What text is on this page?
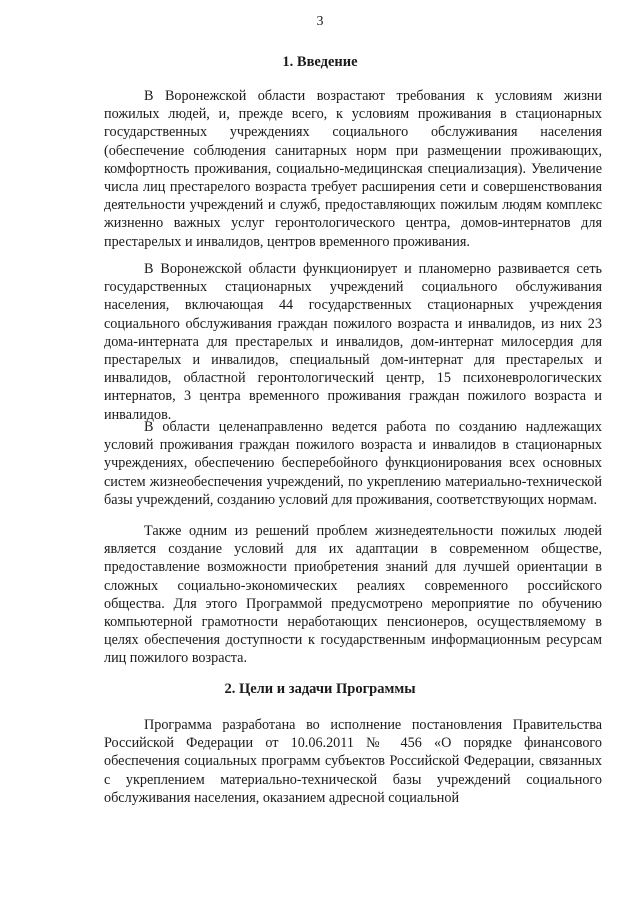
3
1. Введение

В Воронежской области возрастают требования к условиям жизни пожилых людей, и, прежде всего, к условиям проживания в стационарных государственных учреждениях социального обслуживания населения (обеспечение соблюдения санитарных норм при размещении проживающих, комфортность проживания, социально-медицинская специализация). Увеличение числа лиц престарелого возраста требует расширения сети и совершенствования деятельности учреждений и служб, предоставляющих пожилым людям комплекс жизненно важных услуг геронтологического центра, домов-интернатов для престарелых и инвалидов, центров временного проживания.

В Воронежской области функционирует и планомерно развивается сеть государственных стационарных учреждений социального обслуживания населения, включающая 44 государственных стационарных учреждения социального обслуживания граждан пожилого возраста и инвалидов, из них 23 дома-интерната для престарелых и инвалидов, дом-интернат милосердия для престарелых и инвалидов, специальный дом-интернат для престарелых и инвалидов, областной геронтологический центр, 15 психоневрологических интернатов, 3 центра временного проживания граждан пожилого возраста и инвалидов.

В области целенаправленно ведется работа по созданию надлежащих условий проживания граждан пожилого возраста и инвалидов в стационарных учреждениях, обеспечению бесперебойного функционирования всех основных систем жизнеобеспечения учреждений, по укреплению материально-технической базы учреждений, созданию условий для проживания, соответствующих нормам.

Также одним из решений проблем жизнедеятельности пожилых людей является создание условий для их адаптации в современном обществе, предоставление возможности приобретения знаний для лучшей ориентации в сложных социально-экономических реалиях современного российского общества. Для этого Программой предусмотрено мероприятие по обучению компьютерной грамотности неработающих пенсионеров, осуществляемому в целях обеспечения доступности к государственным информационным ресурсам лиц пожилого возраста.

2. Цели и задачи Программы

Программа разработана во исполнение постановления Правительства Российской Федерации от 10.06.2011 № 456 «О порядке финансового обеспечения социальных программ субъектов Российской Федерации, связанных с укреплением материально-технической базы учреждений социального обслуживания населения, оказанием адресной социальной
